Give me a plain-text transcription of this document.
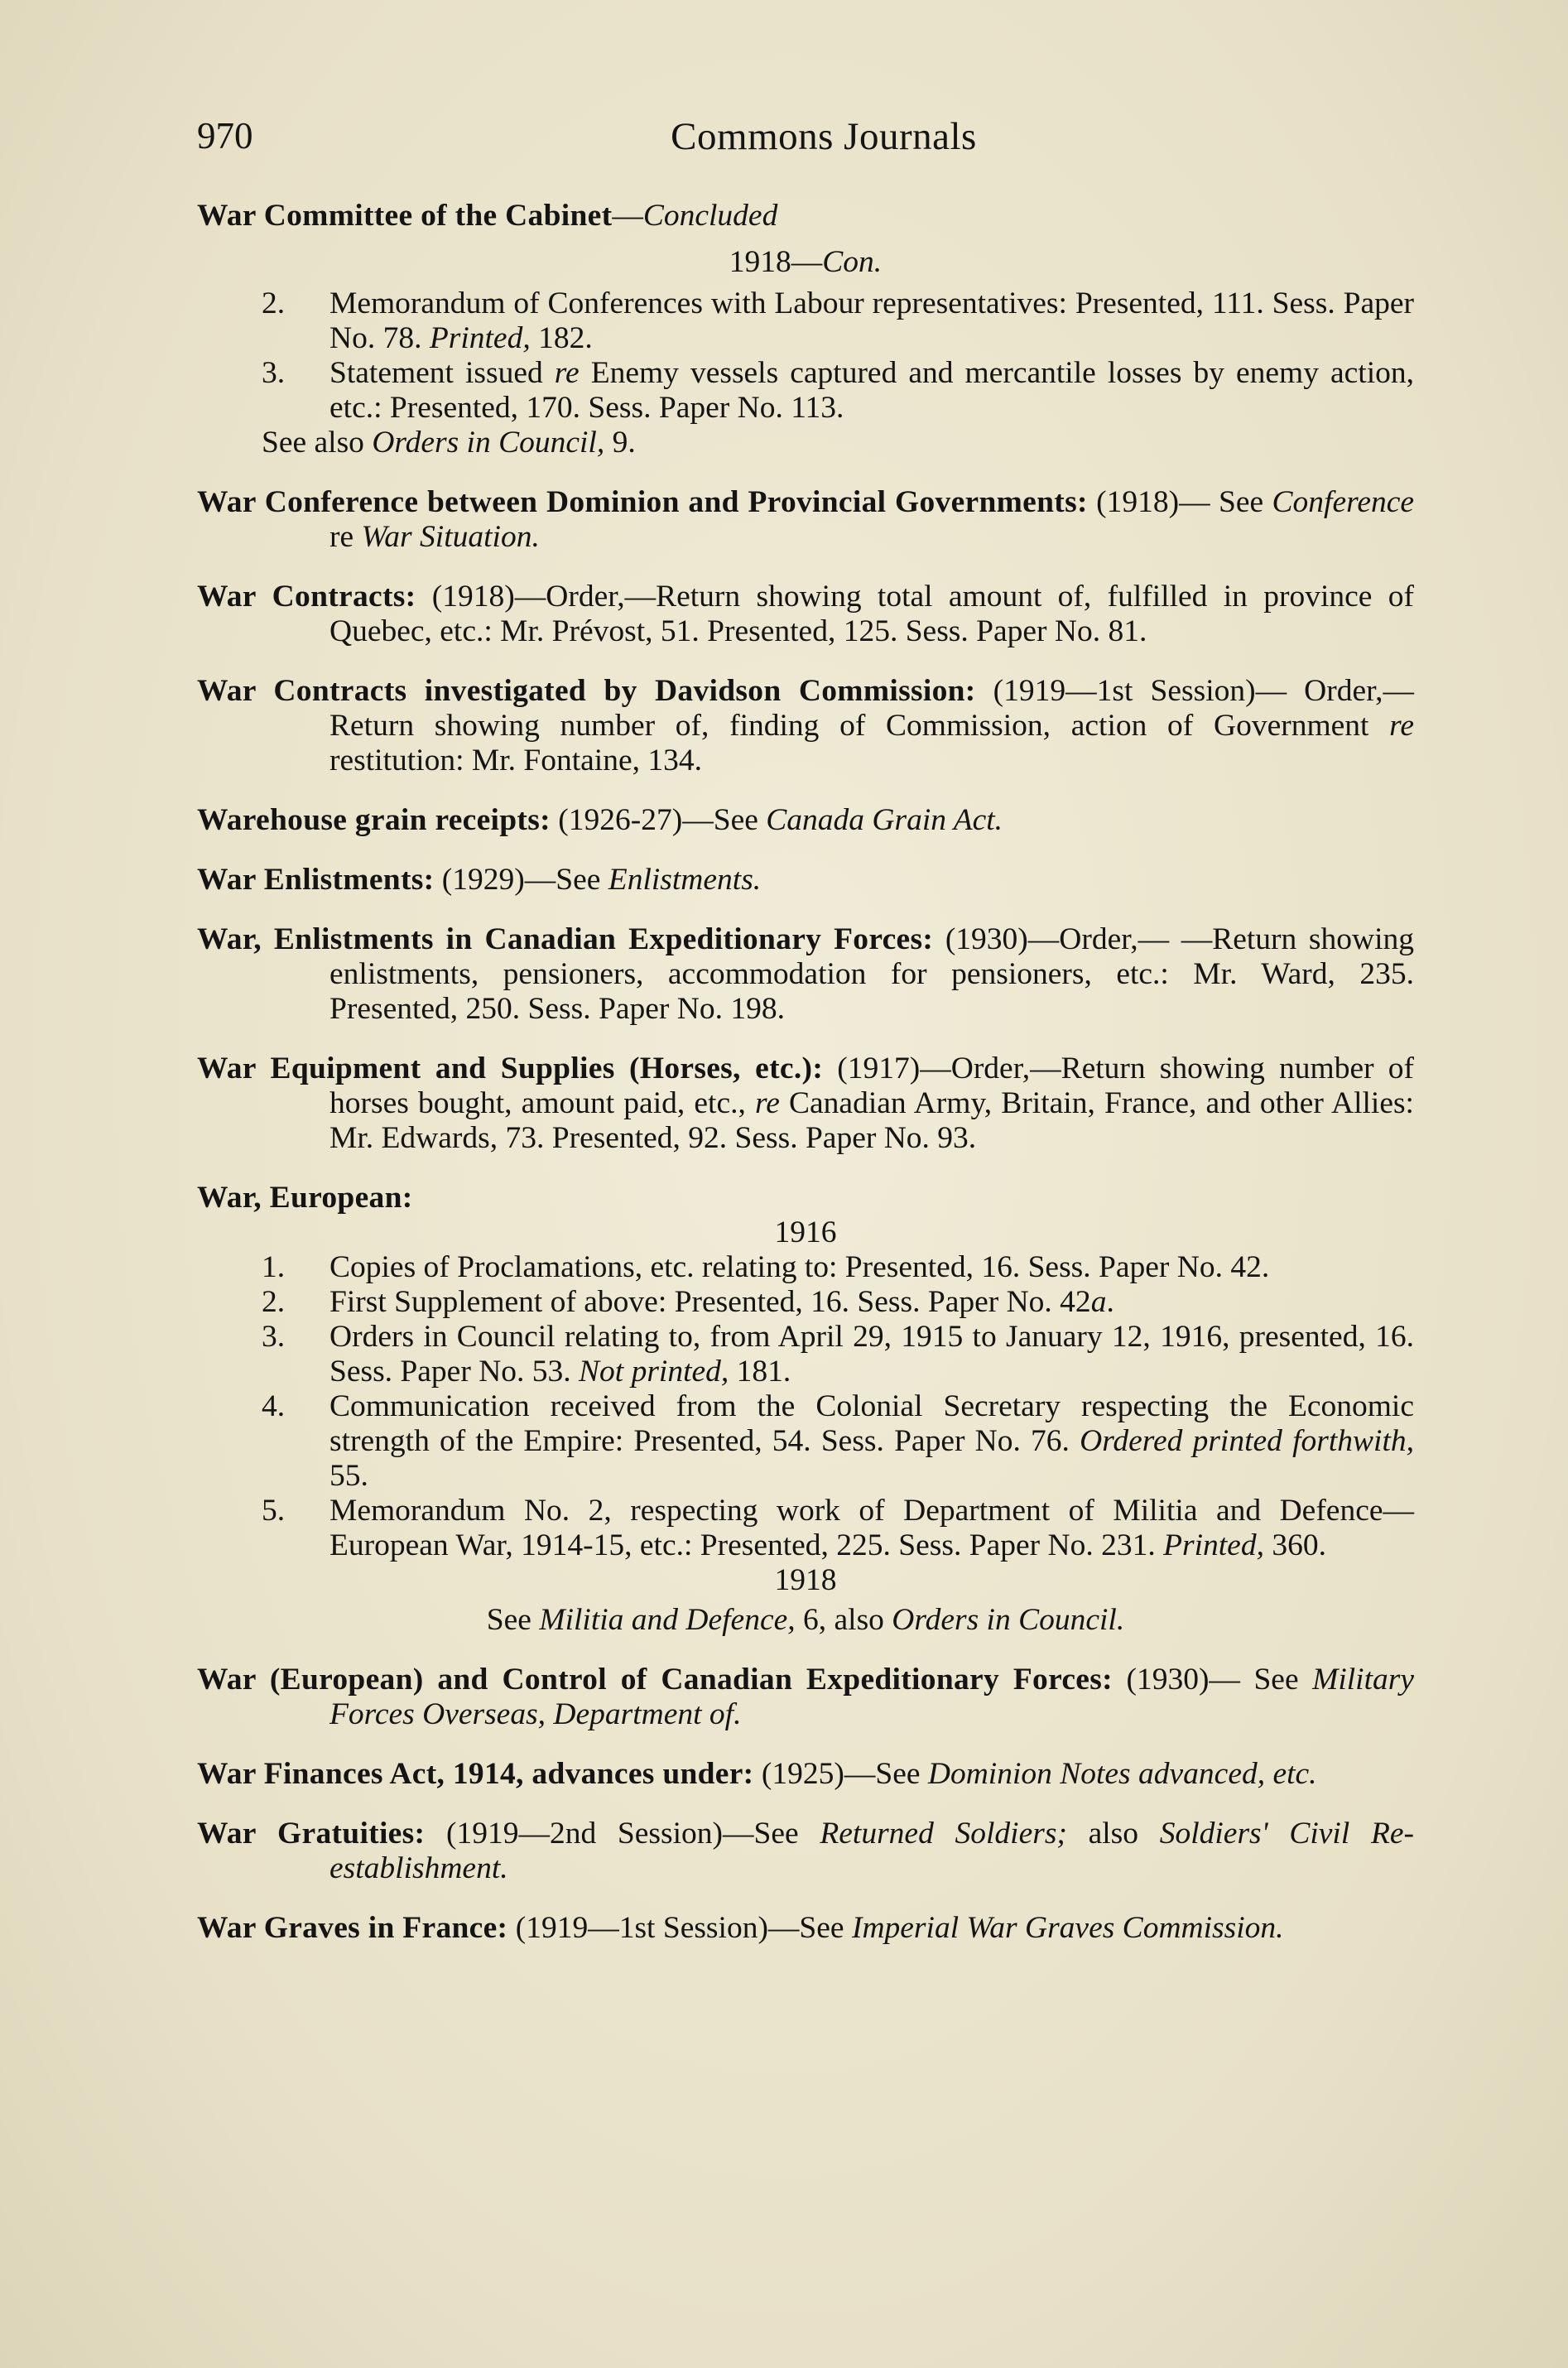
970	Commons Journals

War Committee of the Cabinet—Concluded

1918—Con.
2. Memorandum of Conferences with Labour representatives: Presented, 111. Sess. Paper No. 78. Printed, 182.
3. Statement issued re Enemy vessels captured and mercantile losses by enemy action, etc.: Presented, 170. Sess. Paper No. 113.
See also Orders in Council, 9.

War Conference between Dominion and Provincial Governments: (1918)— See Conference re War Situation.

War Contracts: (1918)—Order,—Return showing total amount of, fulfilled in province of Quebec, etc.: Mr. Prévost, 51. Presented, 125. Sess. Paper No. 81.

War Contracts investigated by Davidson Commission: (1919—1st Session)— Order,—Return showing number of, finding of Commission, action of Government re restitution: Mr. Fontaine, 134.

Warehouse grain receipts: (1926-27)—See Canada Grain Act.

War Enlistments: (1929)—See Enlistments.

War, Enlistments in Canadian Expeditionary Forces: (1930)—Order,— —Return showing enlistments, pensioners, accommodation for pensioners, etc.: Mr. Ward, 235. Presented, 250. Sess. Paper No. 198.

War Equipment and Supplies (Horses, etc.): (1917)—Order,—Return showing number of horses bought, amount paid, etc., re Canadian Army, Britain, France, and other Allies: Mr. Edwards, 73. Presented, 92. Sess. Paper No. 93.

War, European:

1916
1. Copies of Proclamations, etc. relating to: Presented, 16. Sess. Paper No. 42.
2. First Supplement of above: Presented, 16. Sess. Paper No. 42a.
3. Orders in Council relating to, from April 29, 1915 to January 12, 1916, presented, 16. Sess. Paper No. 53. Not printed, 181.
4. Communication received from the Colonial Secretary respecting the Economic strength of the Empire: Presented, 54. Sess. Paper No. 76. Ordered printed forthwith, 55.
5. Memorandum No. 2, respecting work of Department of Militia and Defence—European War, 1914-15, etc.: Presented, 225. Sess. Paper No. 231. Printed, 360.
1918
See Militia and Defence, 6, also Orders in Council.

War (European) and Control of Canadian Expeditionary Forces: (1930)— See Military Forces Overseas, Department of.

War Finances Act, 1914, advances under: (1925)—See Dominion Notes advanced, etc.

War Gratuities: (1919—2nd Session)—See Returned Soldiers; also Soldiers' Civil Re-establishment.

War Graves in France: (1919—1st Session)—See Imperial War Graves Commission.
